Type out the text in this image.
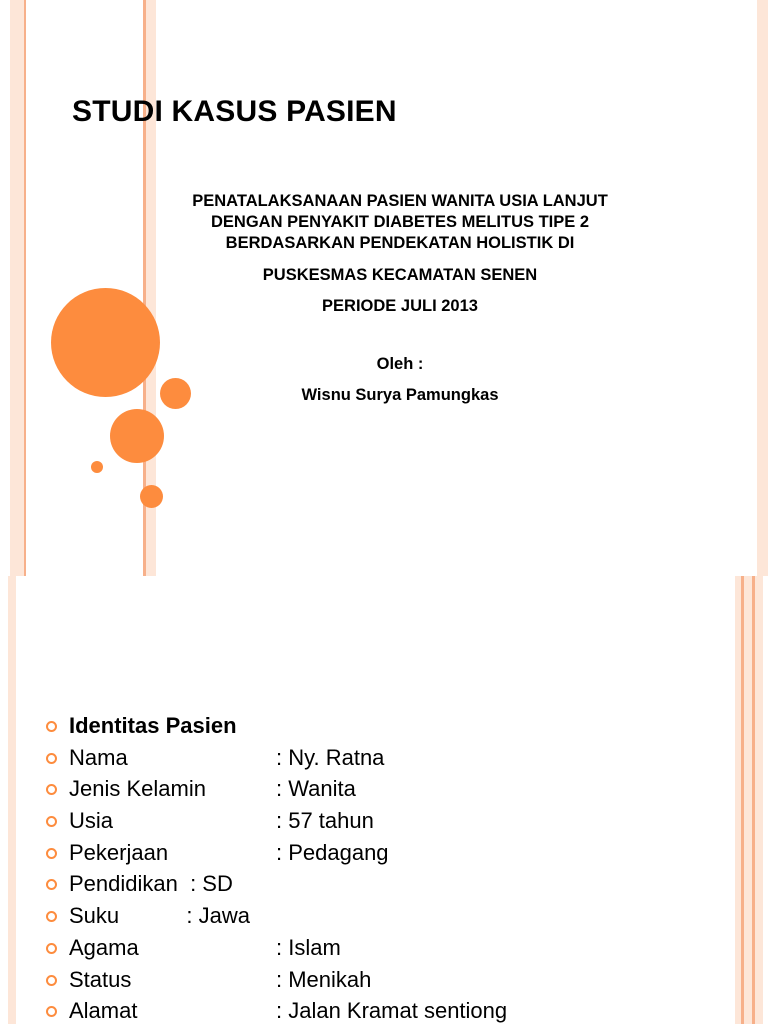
STUDI KASUS PASIEN
PENATALAKSANAAN PASIEN WANITA USIA LANJUT
DENGAN PENYAKIT DIABETES MELITUS TIPE 2
BERDASARKAN PENDEKATAN HOLISTIK DI
PUSKESMAS KECAMATAN SENEN
PERIODE JULI 2013
Oleh :
Wisnu Surya Pamungkas
Identitas Pasien
Nama	: Ny. Ratna
Jenis Kelamin	: Wanita
Usia	: 57 tahun
Pekerjaan	: Pedagang
Pendidikan  : SD
Suku           : Jawa
Agama	: Islam
Status	: Menikah
Alamat	: Jalan Kramat sentiong
